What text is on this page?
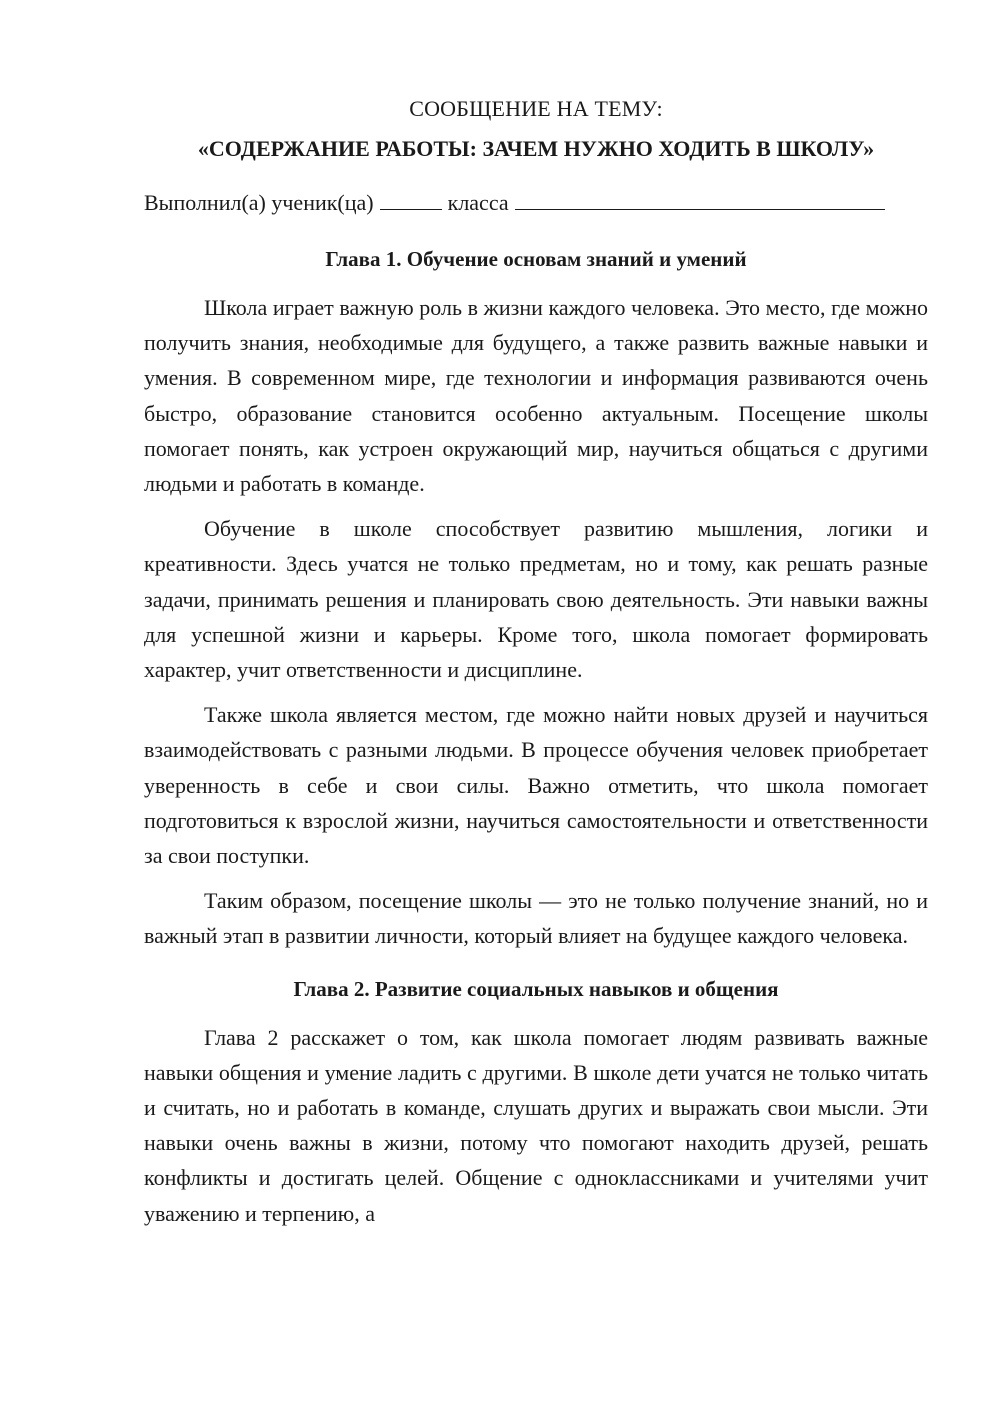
СООБЩЕНИЕ НА ТЕМУ:

«СОДЕРЖАНИЕ РАБОТЫ: ЗАЧЕМ НУЖНО ХОДИТЬ В ШКОЛУ»

Выполнил(а) ученик(ца)	класса

Глава 1. Обучение основам знаний и умений

Школа играет важную роль в жизни каждого человека. Это место, где можно получить знания, необходимые для будущего, а также развить важные навыки и умения. В современном мире, где технологии и информация развиваются очень быстро, образование становится особенно актуальным. Посещение школы помогает понять, как устроен окружающий мир, научиться общаться с другими людьми и работать в команде.

Обучение в школе способствует развитию мышления, логики и креативности. Здесь учатся не только предметам, но и тому, как решать разные задачи, принимать решения и планировать свою деятельность. Эти навыки важны для успешной жизни и карьеры. Кроме того, школа помогает формировать характер, учит ответственности и дисциплине.

Также школа является местом, где можно найти новых друзей и научиться взаимодействовать с разными людьми. В процессе обучения человек приобретает уверенность в себе и свои силы. Важно отметить, что школа помогает подготовиться к взрослой жизни, научиться самостоятельности и ответственности за свои поступки.

Таким образом, посещение школы — это не только получение знаний, но и важный этап в развитии личности, который влияет на будущее каждого человека.

Глава 2. Развитие социальных навыков и общения

Глава 2 расскажет о том, как школа помогает людям развивать важные навыки общения и умение ладить с другими. В школе дети учатся не только читать и считать, но и работать в команде, слушать других и выражать свои мысли. Эти навыки очень важны в жизни, потому что помогают находить друзей, решать конфликты и достигать целей. Общение с одноклассниками и учителями учит уважению и терпению, а
